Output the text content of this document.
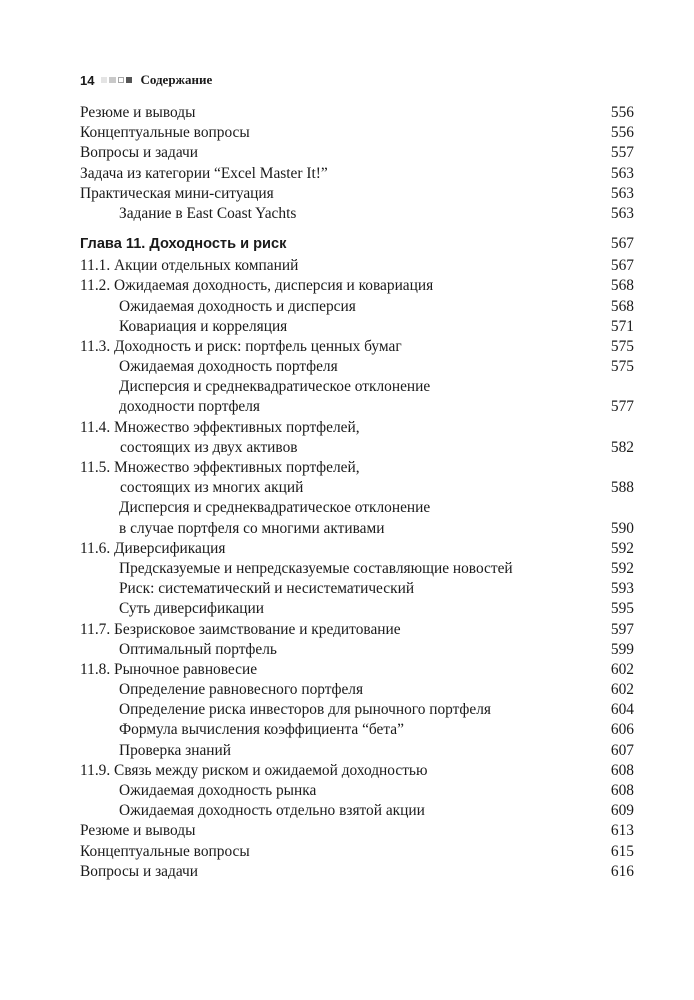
14	Содержание
Резюме и выводы	556
Концептуальные вопросы	556
Вопросы и задачи	557
Задача из категории “Excel Master It!”	563
Практическая мини-ситуация	563
Задание в East Coast Yachts	563
Глава 11. Доходность и риск	567
11.1. Акции отдельных компаний	567
11.2. Ожидаемая доходность, дисперсия и ковариация	568
Ожидаемая доходность и дисперсия	568
Ковариация и корреляция	571
11.3. Доходность и риск: портфель ценных бумаг	575
Ожидаемая доходность портфеля	575
Дисперсия и среднеквадратическое отклонение
доходности портфеля	577
11.4. Множество эффективных портфелей,
состоящих из двух активов	582
11.5. Множество эффективных портфелей,
состоящих из многих акций	588
Дисперсия и среднеквадратическое отклонение
в случае портфеля со многими активами	590
11.6. Диверсификация	592
Предсказуемые и непредсказуемые составляющие новостей	592
Риск: систематический и несистематический	593
Суть диверсификации	595
11.7. Безрисковое заимствование и кредитование	597
Оптимальный портфель	599
11.8. Рыночное равновесие	602
Определение равновесного портфеля	602
Определение риска инвесторов для рыночного портфеля	604
Формула вычисления коэффициента “бета”	606
Проверка знаний	607
11.9. Связь между риском и ожидаемой доходностью	608
Ожидаемая доходность рынка	608
Ожидаемая доходность отдельно взятой акции	609
Резюме и выводы	613
Концептуальные вопросы	615
Вопросы и задачи	616
